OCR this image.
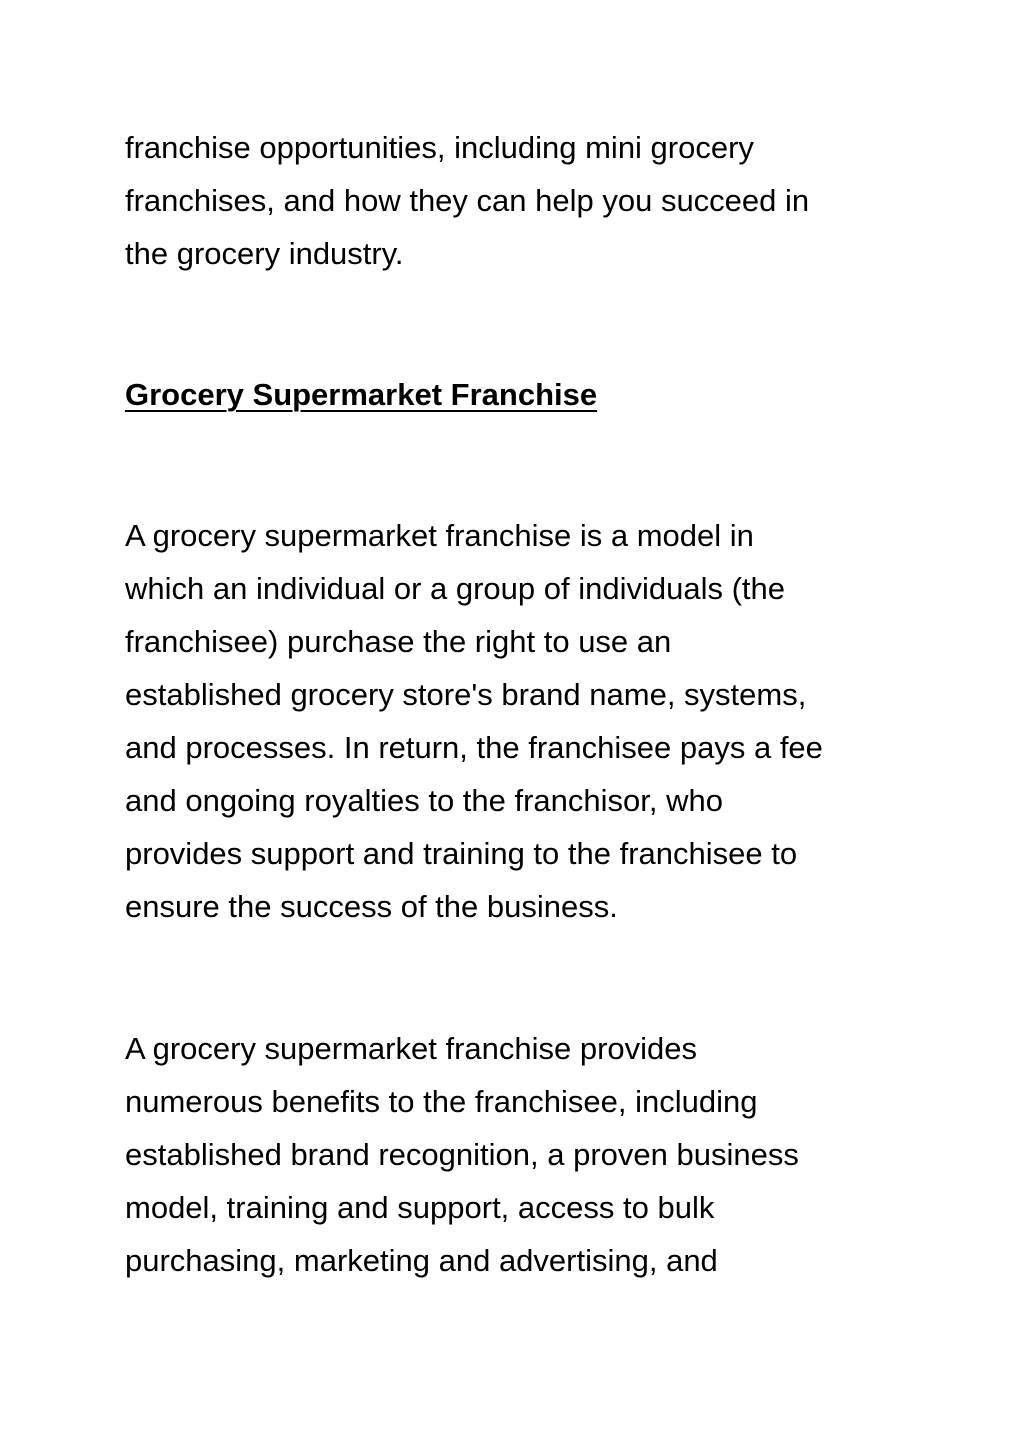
franchise opportunities, including mini grocery
franchises, and how they can help you succeed in
the grocery industry.
Grocery Supermarket Franchise
A grocery supermarket franchise is a model in
which an individual or a group of individuals (the
franchisee) purchase the right to use an
established grocery store's brand name, systems,
and processes. In return, the franchisee pays a fee
and ongoing royalties to the franchisor, who
provides support and training to the franchisee to
ensure the success of the business.
A grocery supermarket franchise provides
numerous benefits to the franchisee, including
established brand recognition, a proven business
model, training and support, access to bulk
purchasing, marketing and advertising, and
